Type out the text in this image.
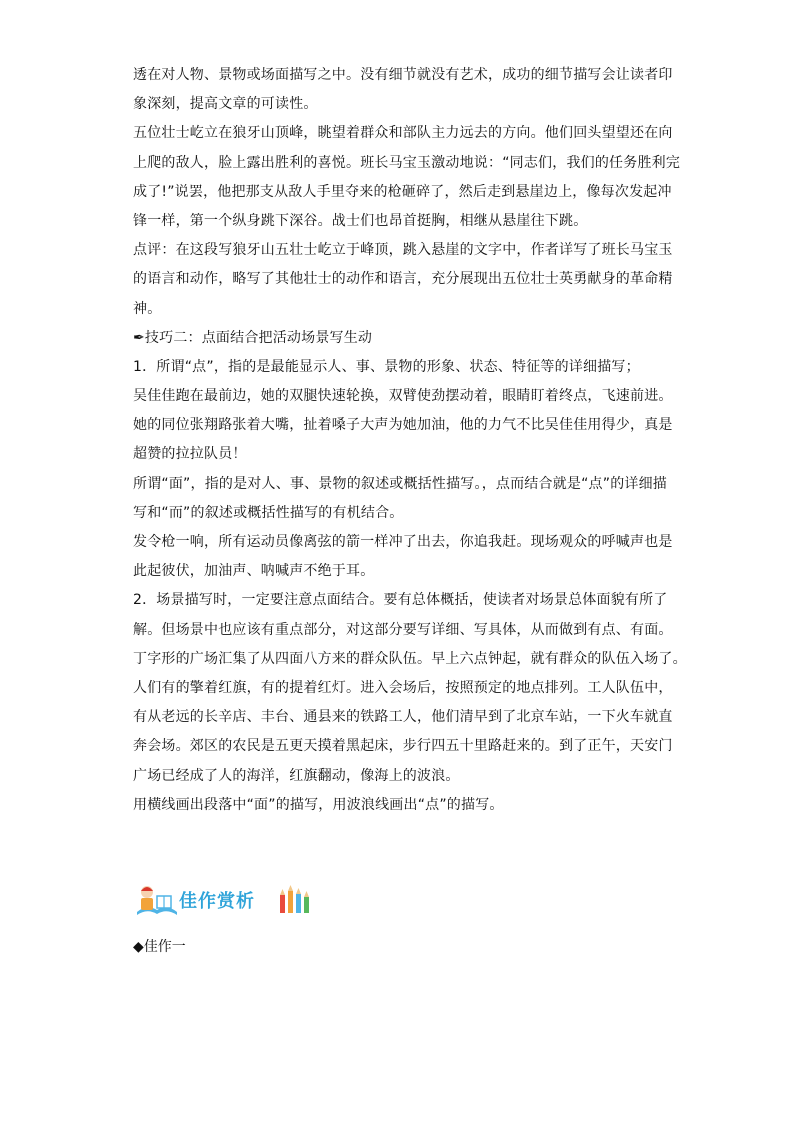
透在对人物、景物或场面描写之中。没有细节就没有艺术，成功的细节描写会让读者印
象深刻，提高文章的可读性。
五位壮士屹立在狼牙山顶峰，眺望着群众和部队主力远去的方向。他们回头望望还在向
上爬的敌人，脸上露出胜利的喜悦。班长马宝玉激动地说：“同志们，我们的任务胜利完
成了!”说罢，他把那支从敌人手里夺来的枪砸碎了，然后走到悬崖边上，像每次发起冲
锋一样，第一个纵身跳下深谷。战士们也昂首挺胸，相继从悬崖往下跳。
点评：在这段写狼牙山五壮士屹立于峰顶，跳入悬崖的文字中，作者详写了班长马宝玉
的语言和动作，略写了其他壮士的动作和语言，充分展现出五位壮士英勇献身的革命精
神。
✒技巧二：点面结合把活动场景写生动
1．所谓“点”，指的是最能显示人、事、景物的形象、状态、特征等的详细描写；
吴佳佳跑在最前边，她的双腿快速轮换，双臂使劲摆动着，眼睛盯着终点，飞速前进。
她的同位张翔路张着大嘴，扯着嗓子大声为她加油，他的力气不比吴佳佳用得少，真是
超赞的拉拉队员！
所谓“面”，指的是对人、事、景物的叙述或概括性描写。，点而结合就是“点”的详细描
写和“而”的叙述或概括性描写的有机结合。
发令枪一响，所有运动员像离弦的箭一样冲了出去，你追我赶。现场观众的呼喊声也是
此起彼伏，加油声、呐喊声不绝于耳。
2．场景描写时，一定要注意点面结合。要有总体概括，使读者对场景总体面貌有所了
解。但场景中也应该有重点部分，对这部分要写详细、写具体，从而做到有点、有面。
丁字形的广场汇集了从四面八方来的群众队伍。早上六点钟起，就有群众的队伍入场了。
人们有的擎着红旗，有的提着红灯。进入会场后，按照预定的地点排列。工人队伍中，
有从老远的长辛店、丰台、通县来的铁路工人，他们清早到了北京车站，一下火车就直
奔会场。郊区的农民是五更天摸着黑起床，步行四五十里路赶来的。到了正午，天安门
广场已经成了人的海洋，红旗翻动，像海上的波浪。
用横线画出段落中“面”的描写，用波浪线画出“点”的描写。
佳作赏析
◆佳作一
